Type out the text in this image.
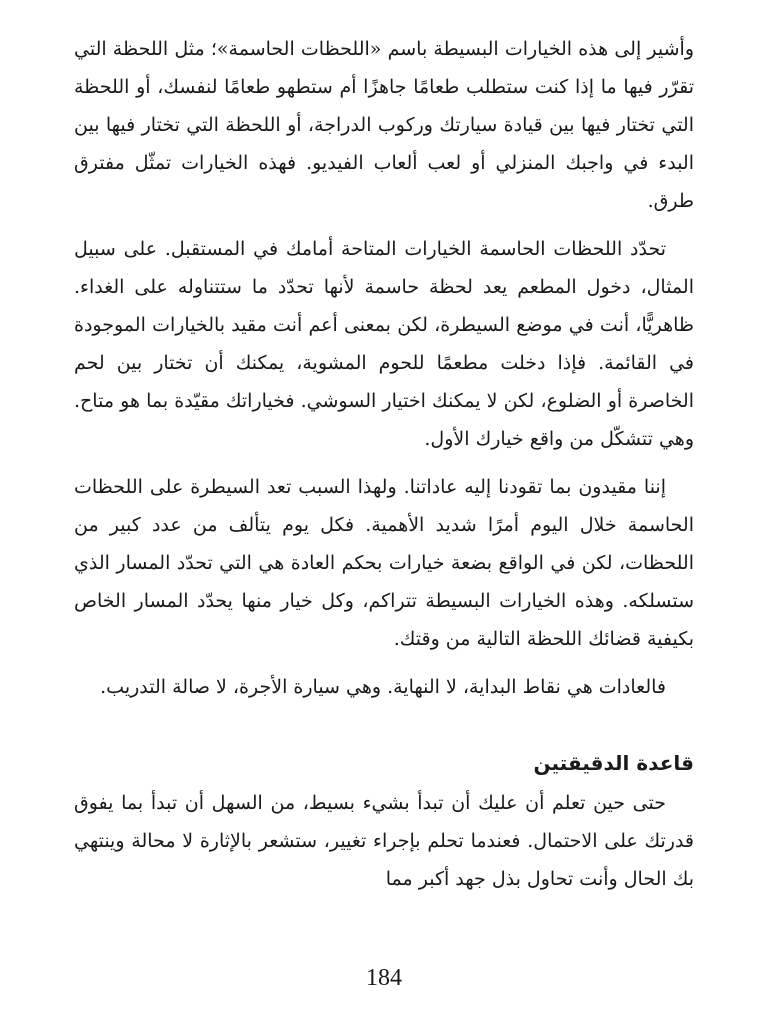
وأشير إلى هذه الخيارات البسيطة باسم «اللحظات الحاسمة»؛ مثل اللحظة التي تقرّر فيها ما إذا كنت ستطلب طعامًا جاهزًا أم ستطهو طعامًا لنفسك، أو اللحظة التي تختار فيها بين قيادة سيارتك وركوب الدراجة، أو اللحظة التي تختار فيها بين البدء في واجبك المنزلي أو لعب ألعاب الفيديو. فهذه الخيارات تمثّل مفترق طرق.

تحدّد اللحظات الحاسمة الخيارات المتاحة أمامك في المستقبل. على سبيل المثال، دخول المطعم يعد لحظة حاسمة لأنها تحدّد ما ستتناوله على الغداء. ظاهريًّا، أنت في موضع السيطرة، لكن بمعنى أعم أنت مقيد بالخيارات الموجودة في القائمة. فإذا دخلت مطعمًا للحوم المشوية، يمكنك أن تختار بين لحم الخاصرة أو الضلوع، لكن لا يمكنك اختيار السوشي. فخياراتك مقيّدة بما هو متاح. وهي تتشكّل من واقع خيارك الأول.

إننا مقيدون بما تقودنا إليه عاداتنا. ولهذا السبب تعد السيطرة على اللحظات الحاسمة خلال اليوم أمرًا شديد الأهمية. فكل يوم يتألف من عدد كبير من اللحظات، لكن في الواقع بضعة خيارات بحكم العادة هي التي تحدّد المسار الذي ستسلكه. وهذه الخيارات البسيطة تتراكم، وكل خيار منها يحدّد المسار الخاص بكيفية قضائك اللحظة التالية من وقتك.

فالعادات هي نقاط البداية، لا النهاية. وهي سيارة الأجرة، لا صالة التدريب.

قاعدة الدقيقتين

حتى حين تعلم أن عليك أن تبدأ بشيء بسيط، من السهل أن تبدأ بما يفوق قدرتك على الاحتمال. فعندما تحلم بإجراء تغيير، ستشعر بالإثارة لا محالة وينتهي بك الحال وأنت تحاول بذل جهد أكبر مما

184
